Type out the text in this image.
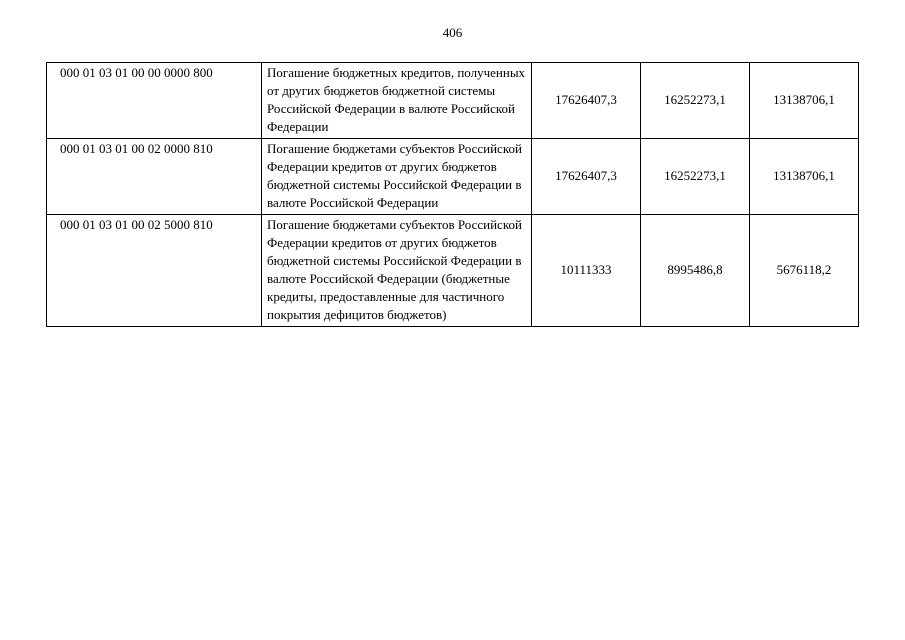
406
000 01 03 01 00 00 0000 800	Погашение бюджетных кредитов, полученных от других бюджетов бюджетной системы Российской Федерации в валюте Российской Федерации	17626407,3	16252273,1	13138706,1
000 01 03 01 00 02 0000 810	Погашение бюджетами субъектов Российской Федерации кредитов от других бюджетов бюджетной системы Российской Федерации в валюте Российской Федерации	17626407,3	16252273,1	13138706,1
000 01 03 01 00 02 5000 810	Погашение бюджетами субъектов Российской Федерации кредитов от других бюджетов бюджетной системы Российской Федерации в валюте Российской Федерации (бюджетные кредиты, предоставленные для частичного покрытия дефицитов бюджетов)	10111333	8995486,8	5676118,2
